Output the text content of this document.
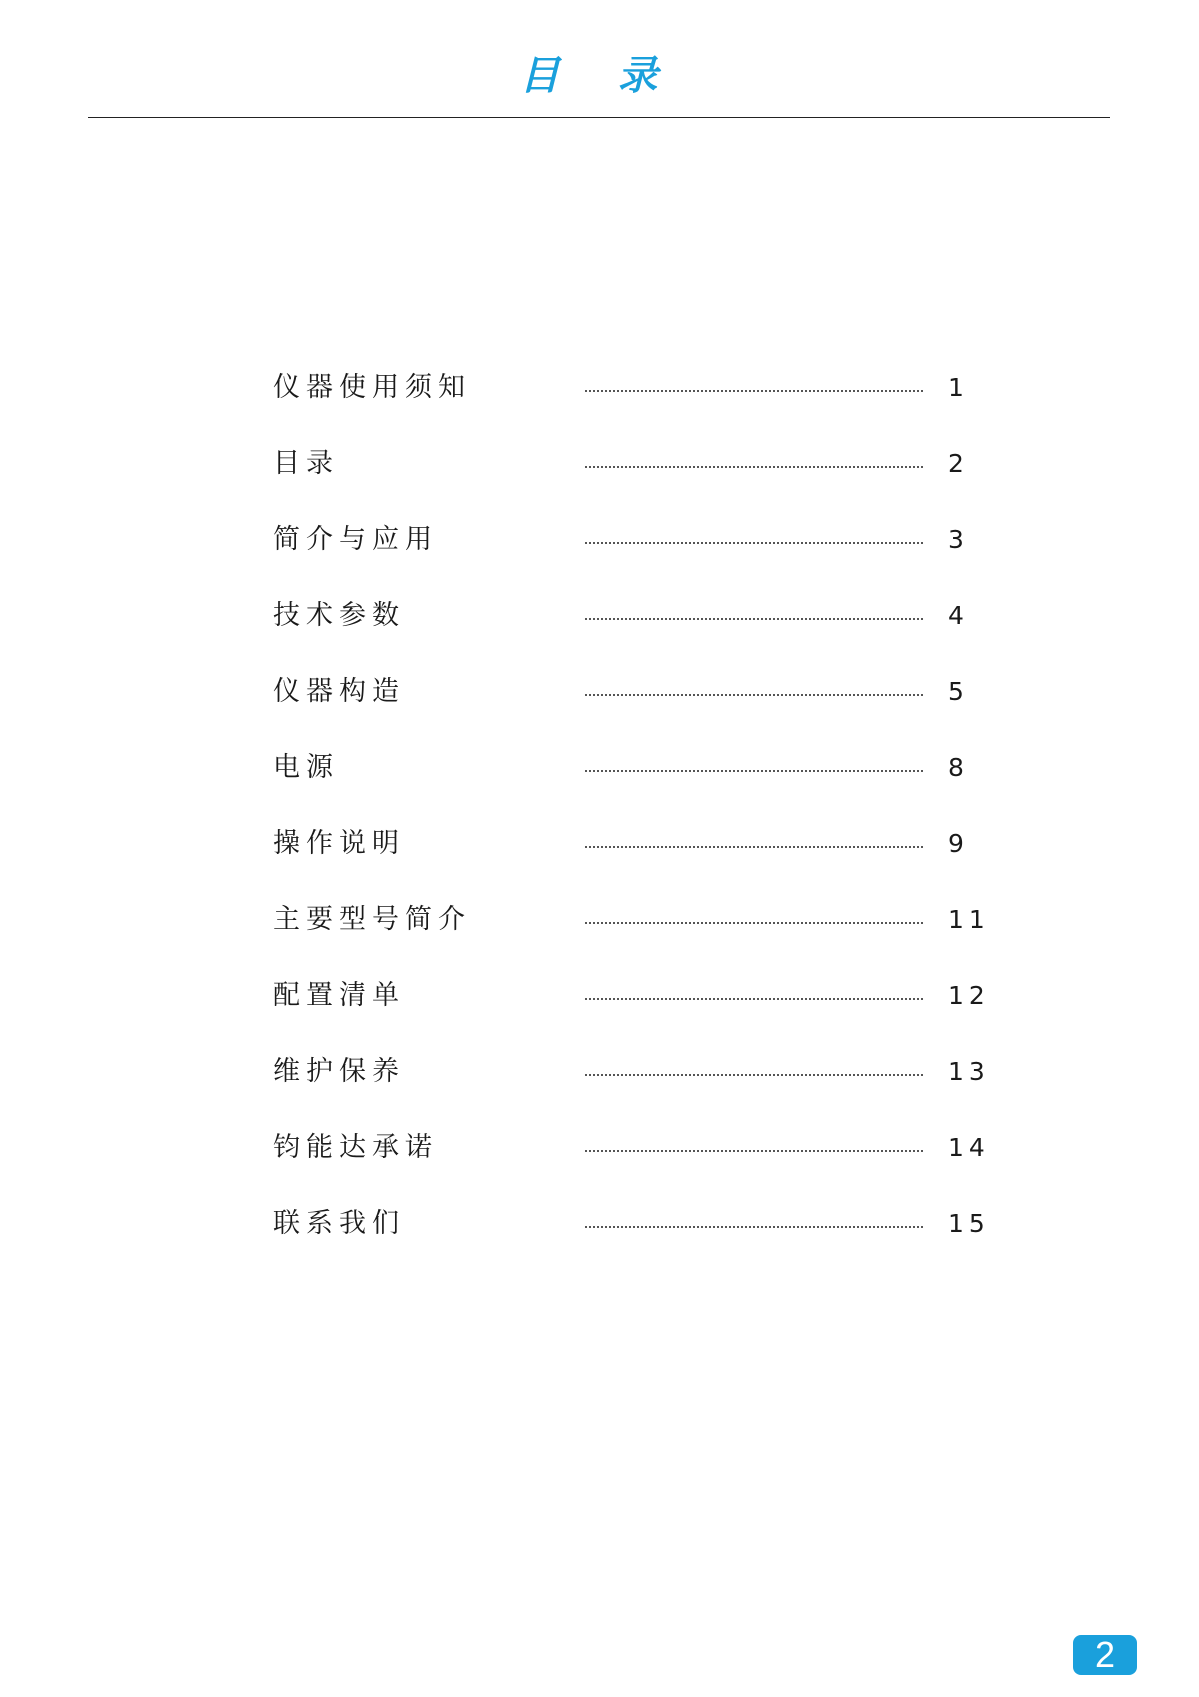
目 录
仪器使用须知	1
目录	2
简介与应用	3
技术参数	4
仪器构造	5
电源	8
操作说明	9
主要型号简介	11
配置清单	12
维护保养	13
钧能达承诺	14
联系我们	15
2
